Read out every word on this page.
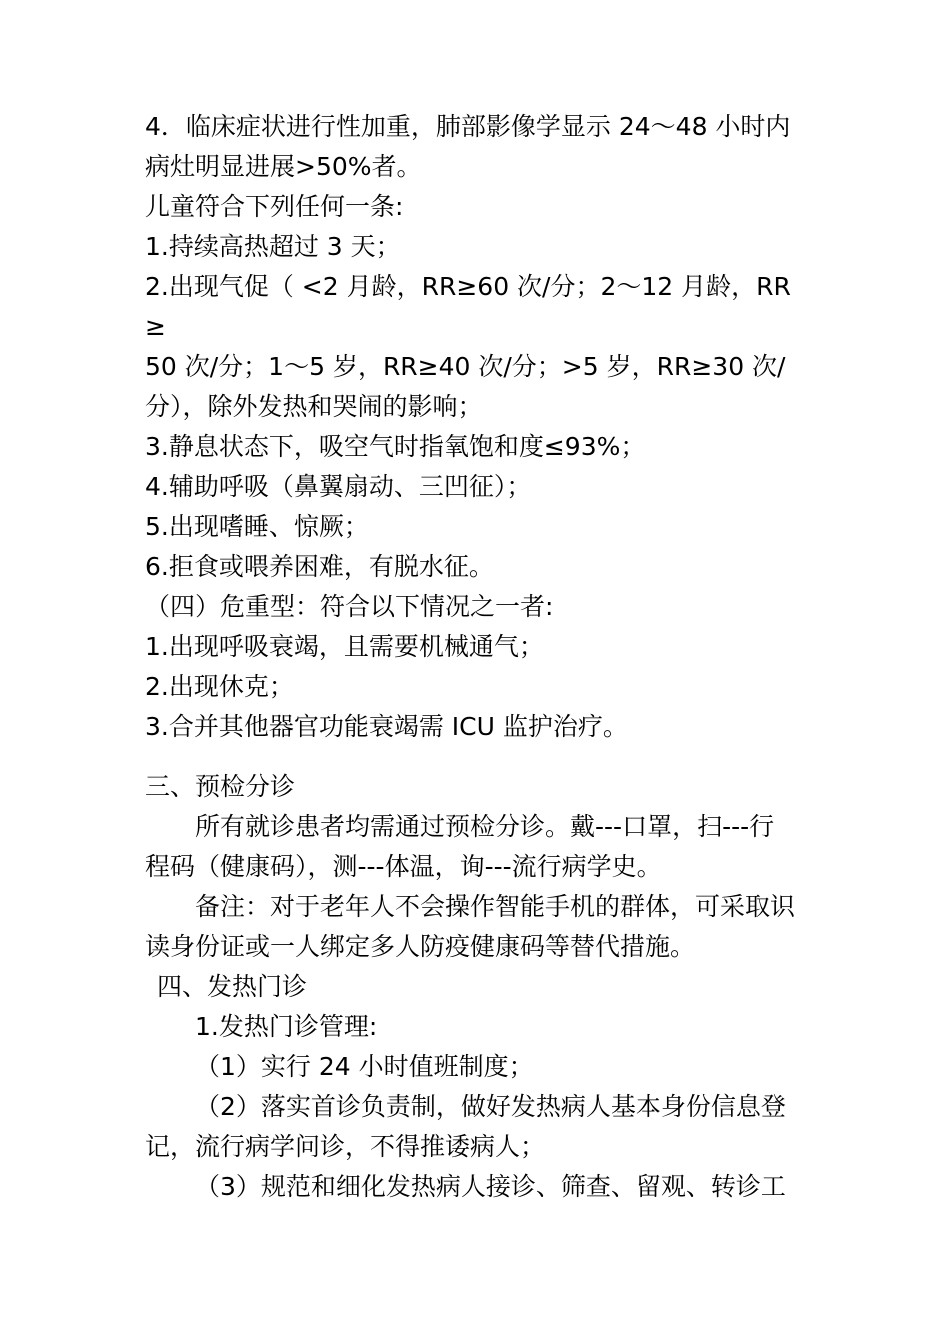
4．临床症状进行性加重，肺部影像学显示 24～48 小时内
病灶明显进展>50%者。
儿童符合下列任何一条:
1.持续高热超过 3 天；
2.出现气促（ <2 月龄，RR≥60 次/分；2～12 月龄，RR
≥
50 次/分；1～5 岁，RR≥40 次/分；>5 岁，RR≥30 次/
分），除外发热和哭闹的影响；
3.静息状态下，吸空气时指氧饱和度≤93%；
4.辅助呼吸（鼻翼扇动、三凹征）；
5.出现嗜睡、惊厥；
6.拒食或喂养困难，有脱水征。
（四）危重型：符合以下情况之一者:
1.出现呼吸衰竭，且需要机械通气；
2.出现休克；
3.合并其他器官功能衰竭需 ICU 监护治疗。
三、预检分诊
所有就诊患者均需通过预检分诊。戴---口罩，扫---行
程码（健康码），测---体温，询---流行病学史。
备注：对于老年人不会操作智能手机的群体，可采取识
读身份证或一人绑定多人防疫健康码等替代措施。
四、发热门诊
1.发热门诊管理:
（1）实行 24 小时值班制度；
（2）落实首诊负责制，做好发热病人基本身份信息登
记，流行病学问诊，不得推诿病人；
（3）规范和细化发热病人接诊、筛查、留观、转诊工
